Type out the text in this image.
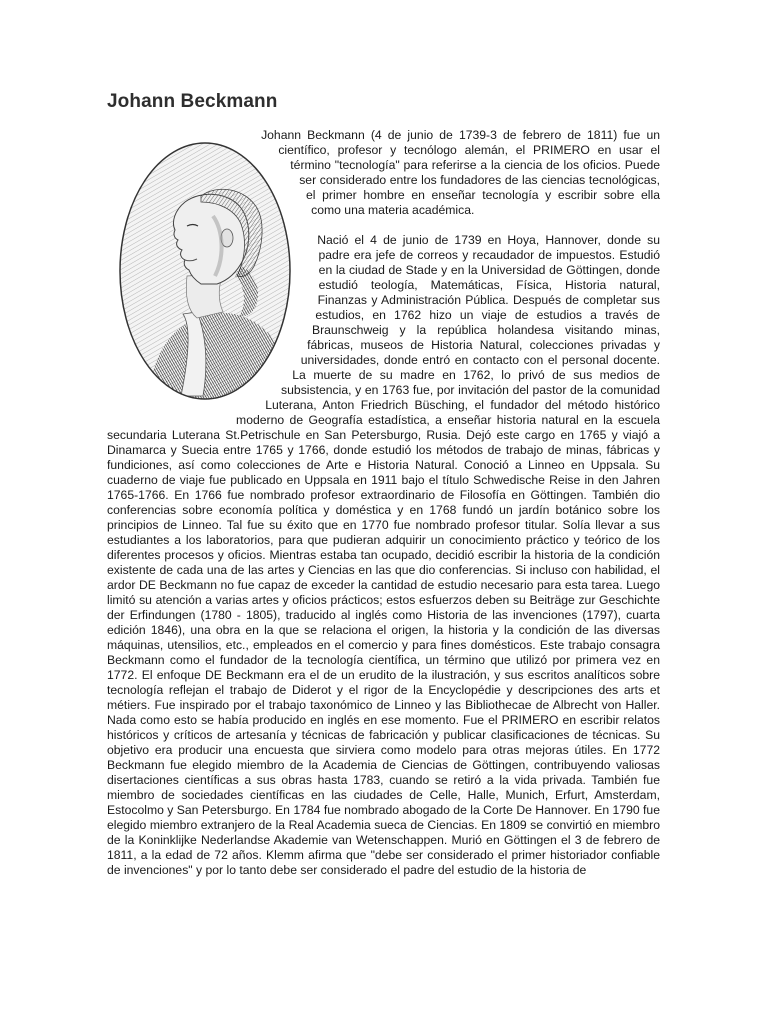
Johann Beckmann

Johann Beckmann (4 de junio de 1739-3 de febrero de 1811) fue un científico, profesor y tecnólogo alemán, el PRIMERO en usar el término "tecnología" para referirse a la ciencia de los oficios. Puede ser considerado entre los fundadores de las ciencias tecnológicas, el primer hombre en enseñar tecnología y escribir sobre ella como una materia académica.

Nació el 4 de junio de 1739 en Hoya, Hannover, donde su padre era jefe de correos y recaudador de impuestos. Estudió en la ciudad de Stade y en la Universidad de Göttingen, donde estudió teología, Matemáticas, Física, Historia natural, Finanzas y Administración Pública. Después de completar sus estudios, en 1762 hizo un viaje de estudios a través de Braunschweig y la república holandesa visitando minas, fábricas, museos de Historia Natural, colecciones privadas y universidades, donde entró en contacto con el personal docente. La muerte de su madre en 1762, lo privó de sus medios de subsistencia, y en 1763 fue, por invitación del pastor de la comunidad Luterana, Anton Friedrich Büsching, el fundador del método histórico moderno de Geografía estadística, a enseñar historia natural en la escuela secundaria Luterana St.Petrischule en San Petersburgo, Rusia. Dejó este cargo en 1765 y viajó a Dinamarca y Suecia entre 1765 y 1766, donde estudió los métodos de trabajo de minas, fábricas y fundiciones, así como colecciones de Arte e Historia Natural. Conoció a Linneo en Uppsala. Su cuaderno de viaje fue publicado en Uppsala en 1911 bajo el título Schwedische Reise in den Jahren 1765-1766. En 1766 fue nombrado profesor extraordinario de Filosofía en Göttingen. También dio conferencias sobre economía política y doméstica y en 1768 fundó un jardín botánico sobre los principios de Linneo. Tal fue su éxito que en 1770 fue nombrado profesor titular. Solía llevar a sus estudiantes a los laboratorios, para que pudieran adquirir un conocimiento práctico y teórico de los diferentes procesos y oficios. Mientras estaba tan ocupado, decidió escribir la historia de la condición existente de cada una de las artes y Ciencias en las que dio conferencias. Si incluso con habilidad, el ardor DE Beckmann no fue capaz de exceder la cantidad de estudio necesario para esta tarea. Luego limitó su atención a varias artes y oficios prácticos; estos esfuerzos deben su Beiträge zur Geschichte der Erfindungen (1780 - 1805), traducido al inglés como Historia de las invenciones (1797), cuarta edición 1846), una obra en la que se relaciona el origen, la historia y la condición de las diversas máquinas, utensilios, etc., empleados en el comercio y para fines domésticos. Este trabajo consagra Beckmann como el fundador de la tecnología científica, un término que utilizó por primera vez en 1772. El enfoque DE Beckmann era el de un erudito de la ilustración, y sus escritos analíticos sobre tecnología reflejan el trabajo de Diderot y el rigor de la Encyclopédie y descripciones des arts et métiers. Fue inspirado por el trabajo taxonómico de Linneo y las Bibliothecae de Albrecht von Haller. Nada como esto se había producido en inglés en ese momento. Fue el PRIMERO en escribir relatos históricos y críticos de artesanía y técnicas de fabricación y publicar clasificaciones de técnicas. Su objetivo era producir una encuesta que sirviera como modelo para otras mejoras útiles. En 1772 Beckmann fue elegido miembro de la Academia de Ciencias de Göttingen, contribuyendo valiosas disertaciones científicas a sus obras hasta 1783, cuando se retiró a la vida privada. También fue miembro de sociedades científicas en las ciudades de Celle, Halle, Munich, Erfurt, Amsterdam, Estocolmo y San Petersburgo. En 1784 fue nombrado abogado de la Corte De Hannover. En 1790 fue elegido miembro extranjero de la Real Academia sueca de Ciencias. En 1809 se convirtió en miembro de la Koninklijke Nederlandse Akademie van Wetenschappen. Murió en Göttingen el 3 de febrero de 1811, a la edad de 72 años. Klemm afirma que "debe ser considerado el primer historiador confiable de invenciones" y por lo tanto debe ser considerado el padre del estudio de la historia de
